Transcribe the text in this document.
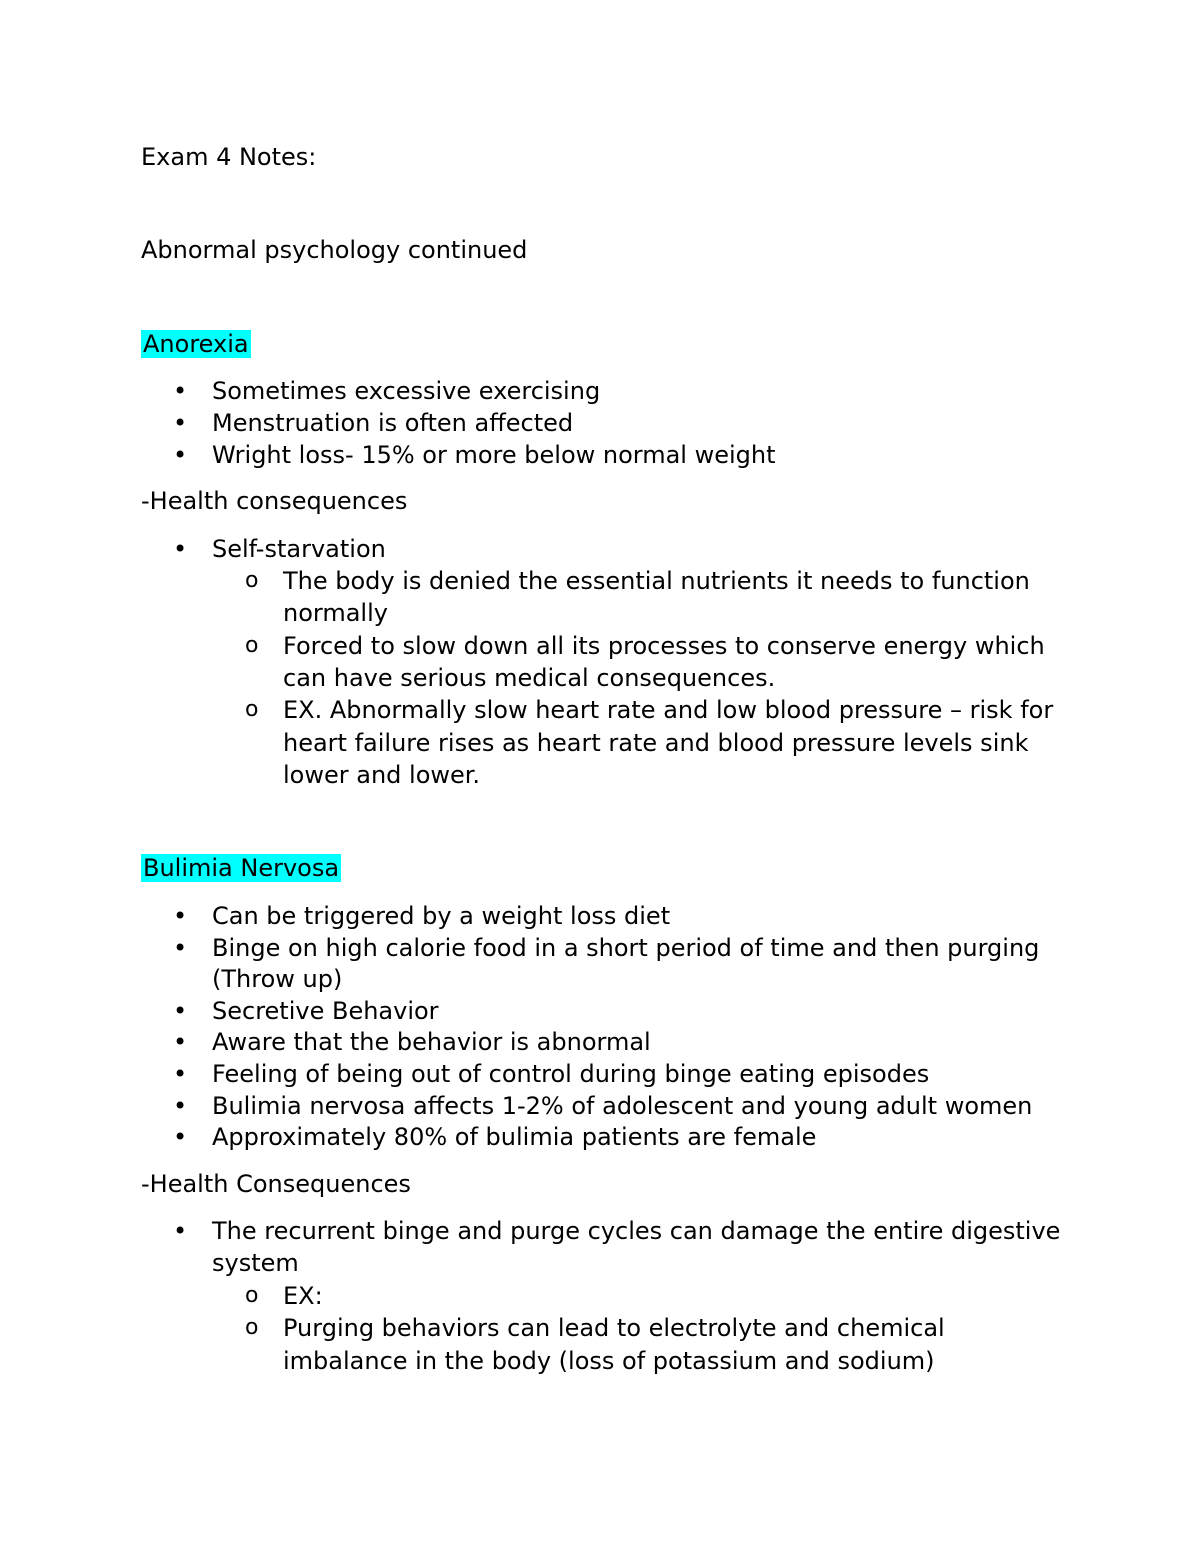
Exam 4 Notes:
Abnormal psychology continued
Anorexia
• Sometimes excessive exercising
• Menstruation is often affected
• Wright loss- 15% or more below normal weight
-Health consequences
• Self-starvation
o The body is denied the essential nutrients it needs to function
normally
o Forced to slow down all its processes to conserve energy which
can have serious medical consequences.
o EX. Abnormally slow heart rate and low blood pressure – risk for
heart failure rises as heart rate and blood pressure levels sink
lower and lower.
Bulimia Nervosa
• Can be triggered by a weight loss diet
• Binge on high calorie food in a short period of time and then purging
(Throw up)
• Secretive Behavior
• Aware that the behavior is abnormal
• Feeling of being out of control during binge eating episodes
• Bulimia nervosa affects 1-2% of adolescent and young adult women
• Approximately 80% of bulimia patients are female
-Health Consequences
• The recurrent binge and purge cycles can damage the entire digestive
system
o EX:
o Purging behaviors can lead to electrolyte and chemical
imbalance in the body (loss of potassium and sodium)
